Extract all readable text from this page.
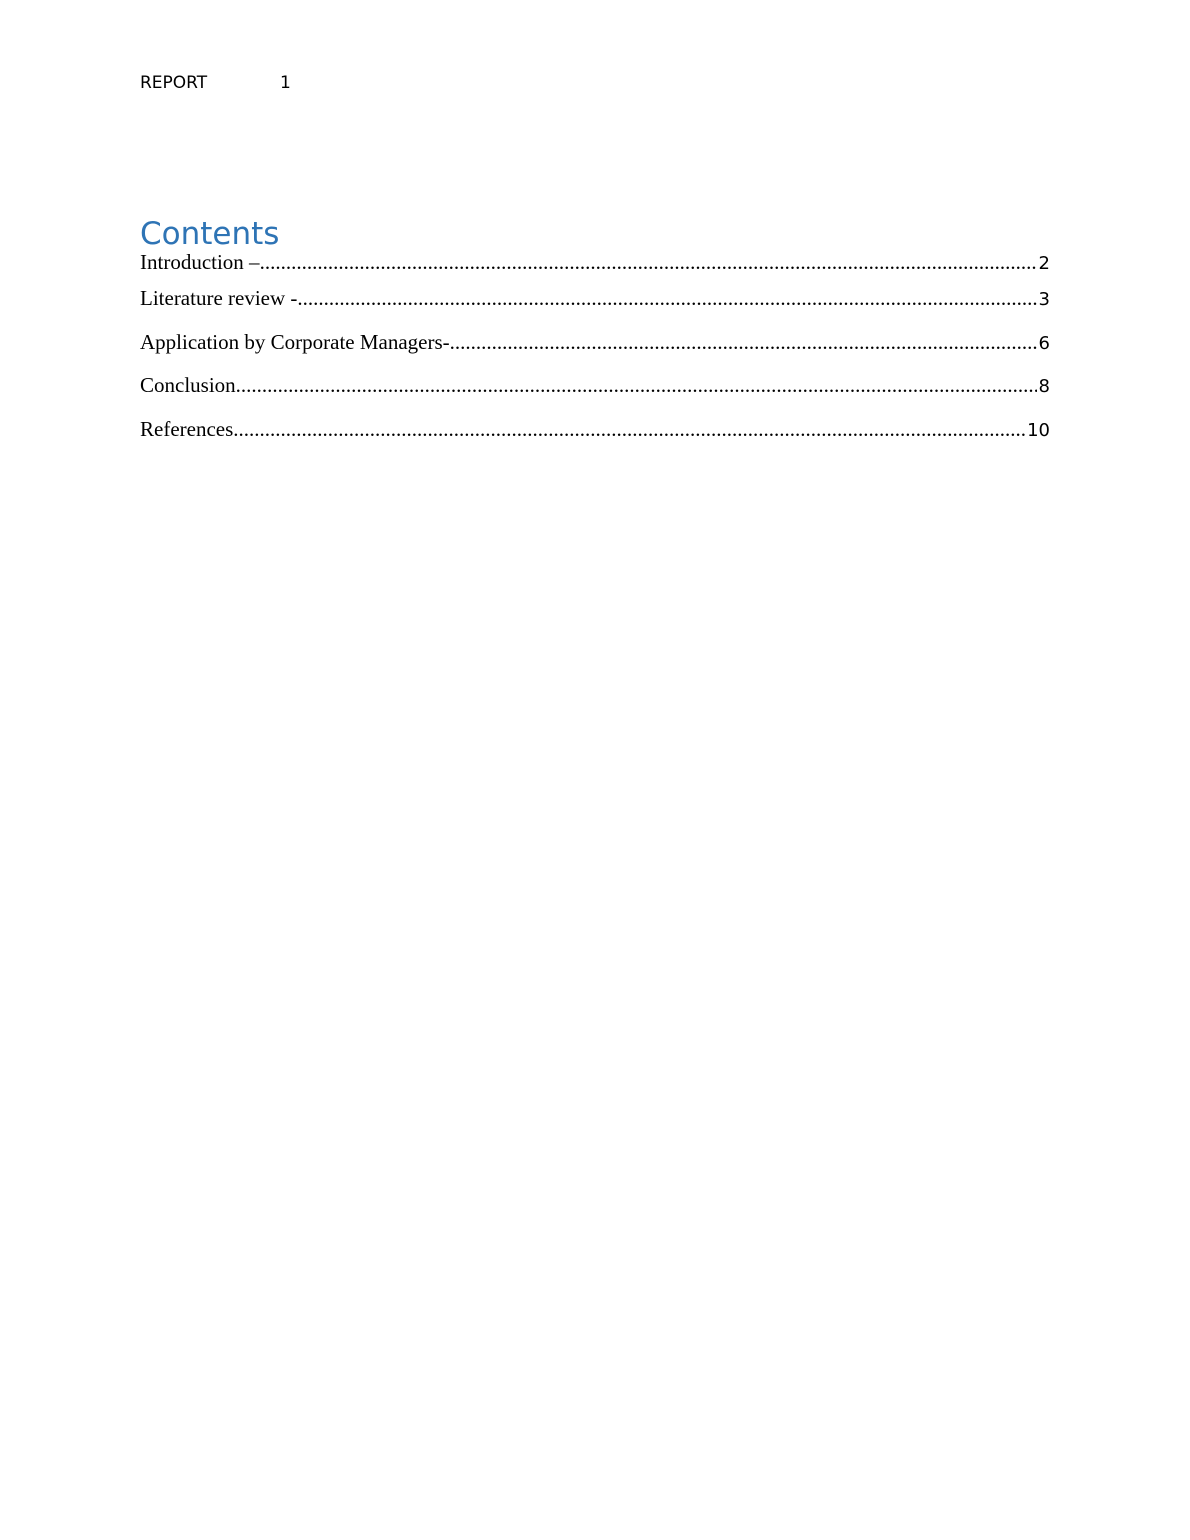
REPORT	1
Contents
Introduction – .....	2
Literature review - .....	3
Application by Corporate Managers- .....	6
Conclusion .....	8
References .....	10
